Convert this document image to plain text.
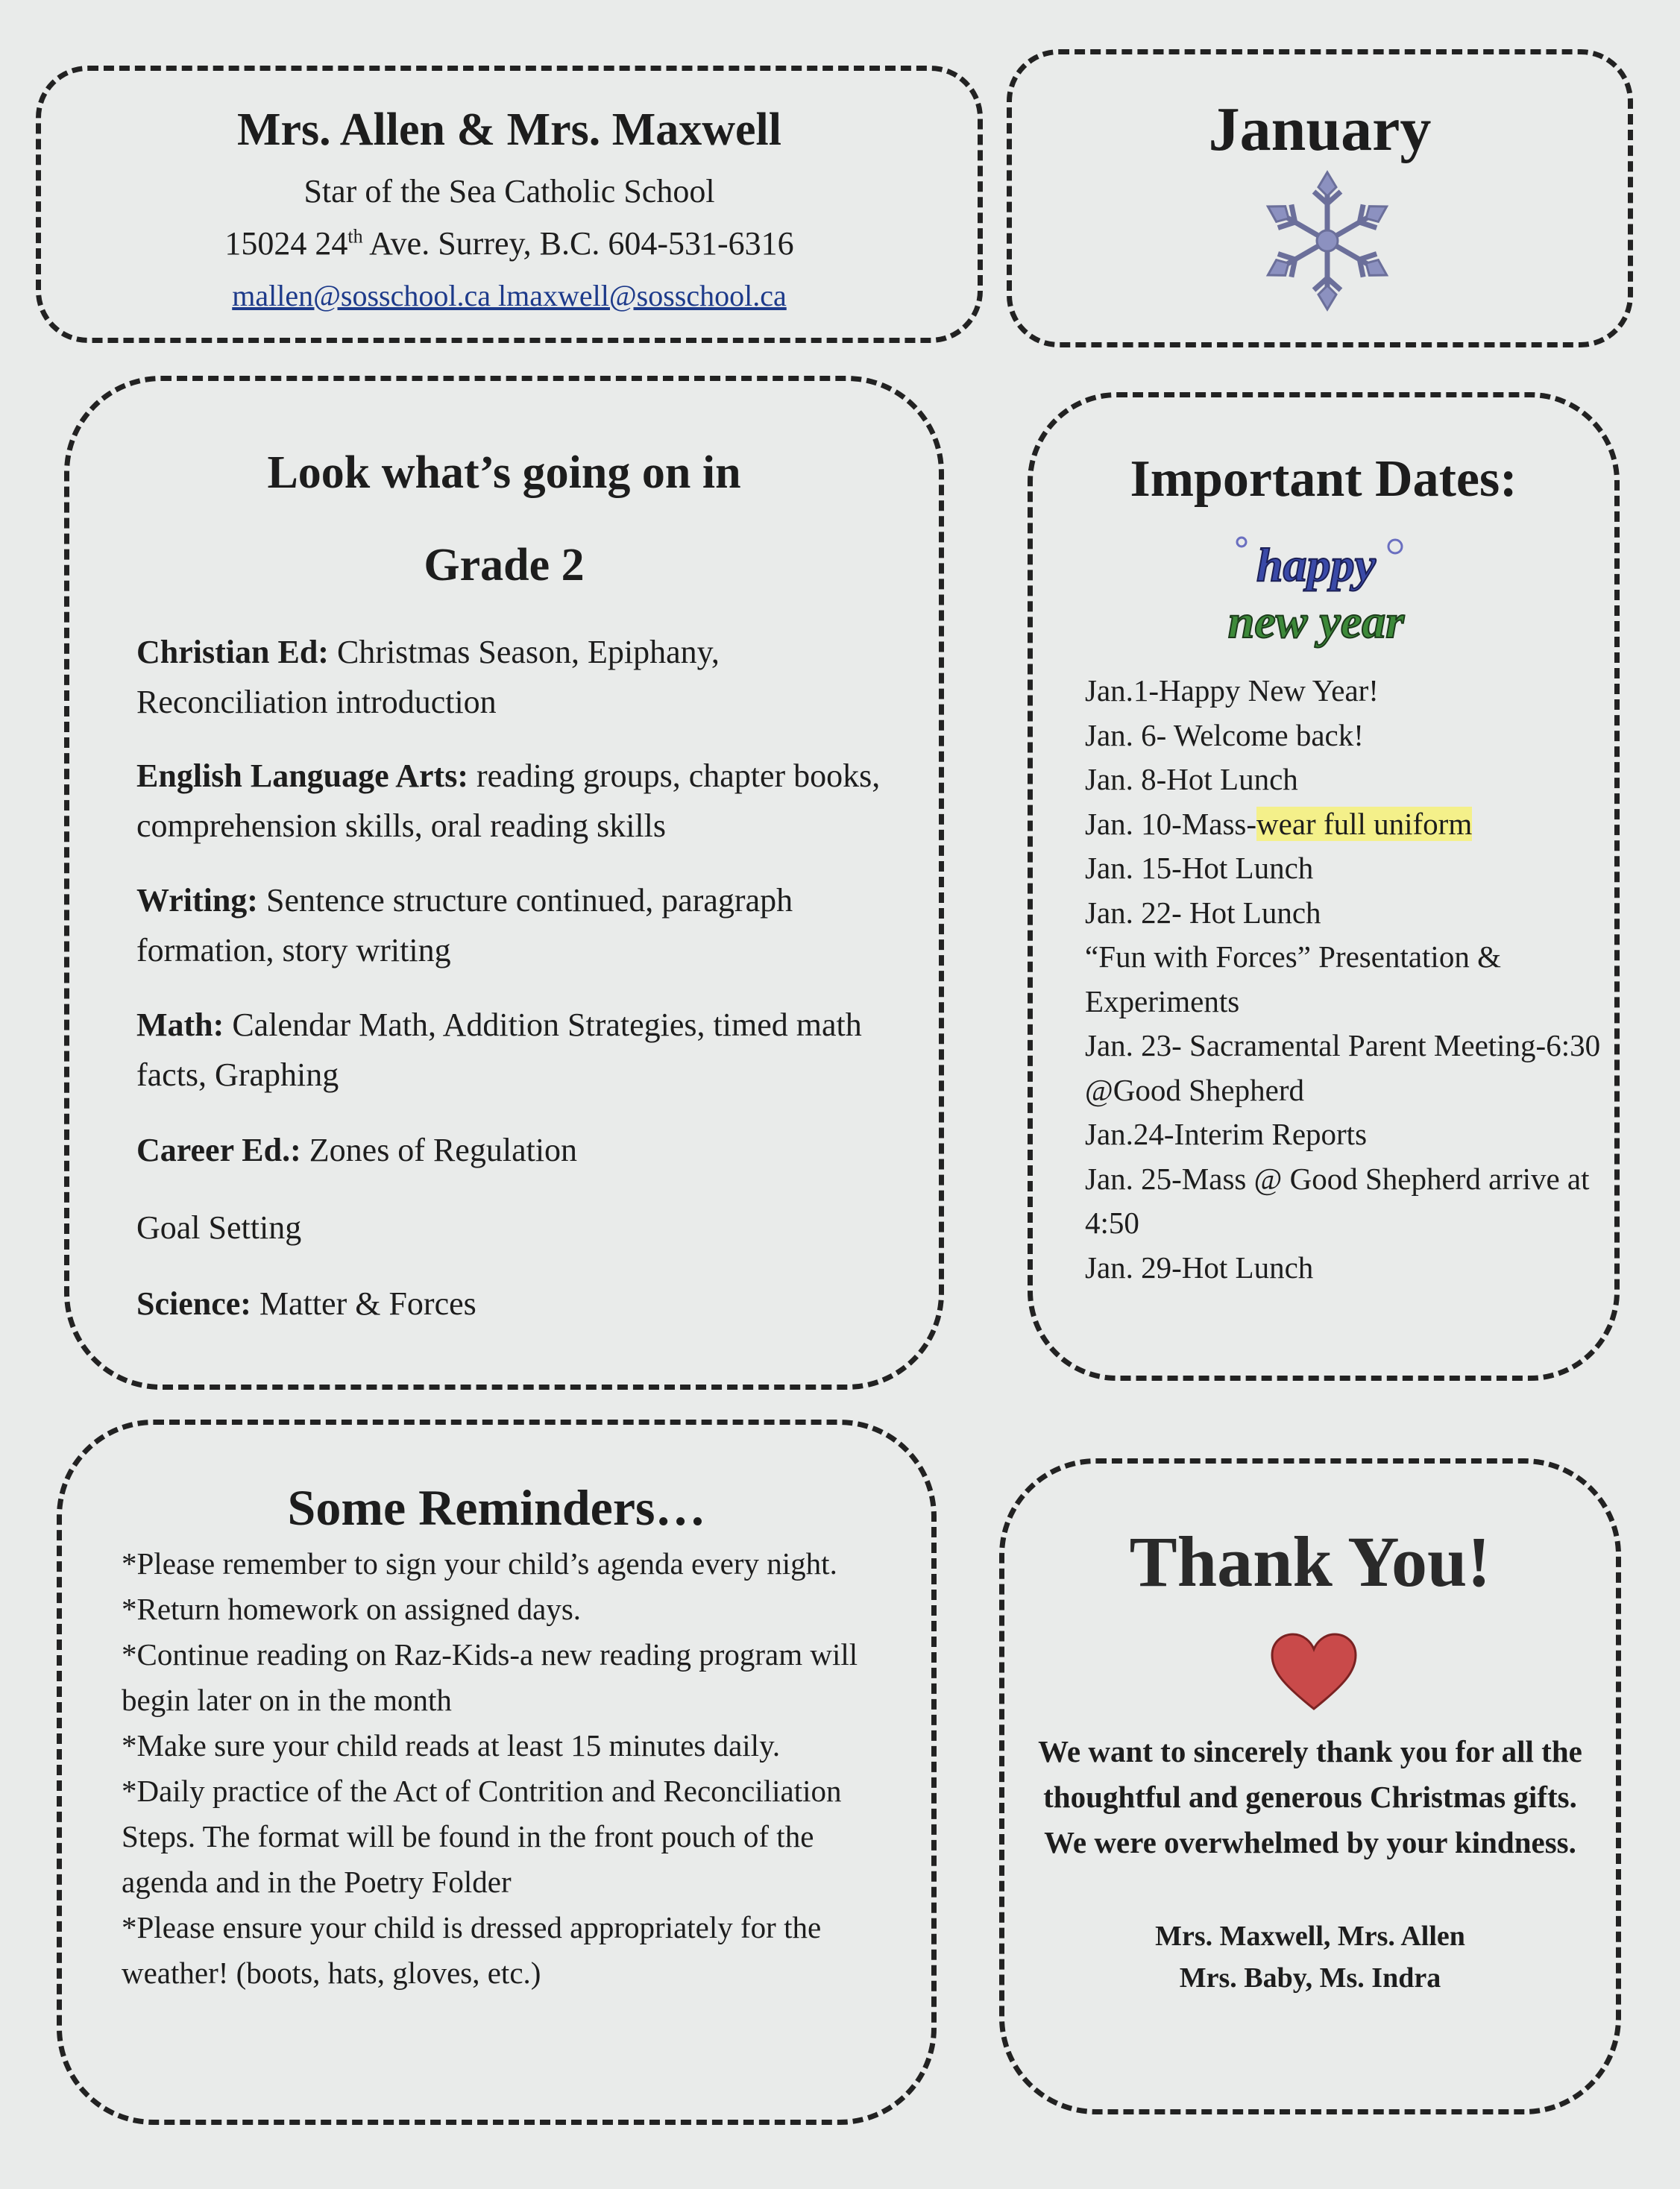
Mrs. Allen & Mrs. Maxwell
Star of the Sea Catholic School
15024 24th Ave. Surrey, B.C. 604-531-6316
mallen@sosschool.ca lmaxwell@sosschool.ca
January
Look what’s going on in
Grade 2
Christian Ed: Christmas Season, Epiphany, Reconciliation introduction
English Language Arts: reading groups, chapter books, comprehension skills, oral reading skills
Writing: Sentence structure continued, paragraph formation, story writing
Math: Calendar Math, Addition Strategies, timed math facts, Graphing
Career Ed.: Zones of Regulation
Goal Setting
Science: Matter & Forces
Important Dates:
happy
new year
Jan.1-Happy New Year!
Jan. 6- Welcome back!
Jan. 8-Hot Lunch
Jan. 10-Mass-wear full uniform
Jan. 15-Hot Lunch
Jan. 22- Hot Lunch
“Fun with Forces” Presentation & Experiments
Jan. 23- Sacramental Parent Meeting-6:30 @Good Shepherd
Jan.24-Interim Reports
Jan. 25-Mass @ Good Shepherd arrive at 4:50
Jan. 29-Hot Lunch
Some Reminders…
*Please remember to sign your child’s agenda every night.
*Return homework on assigned days.
*Continue reading on Raz-Kids-a new reading program will begin later on in the month
*Make sure your child reads at least 15 minutes daily.
*Daily practice of the Act of Contrition and Reconciliation Steps. The format will be found in the front pouch of the agenda and in the Poetry Folder
*Please ensure your child is dressed appropriately for the weather! (boots, hats, gloves, etc.)
Thank You!
We want to sincerely thank you for all the thoughtful and generous Christmas gifts. We were overwhelmed by your kindness.
Mrs. Maxwell, Mrs. Allen
Mrs. Baby, Ms. Indra
